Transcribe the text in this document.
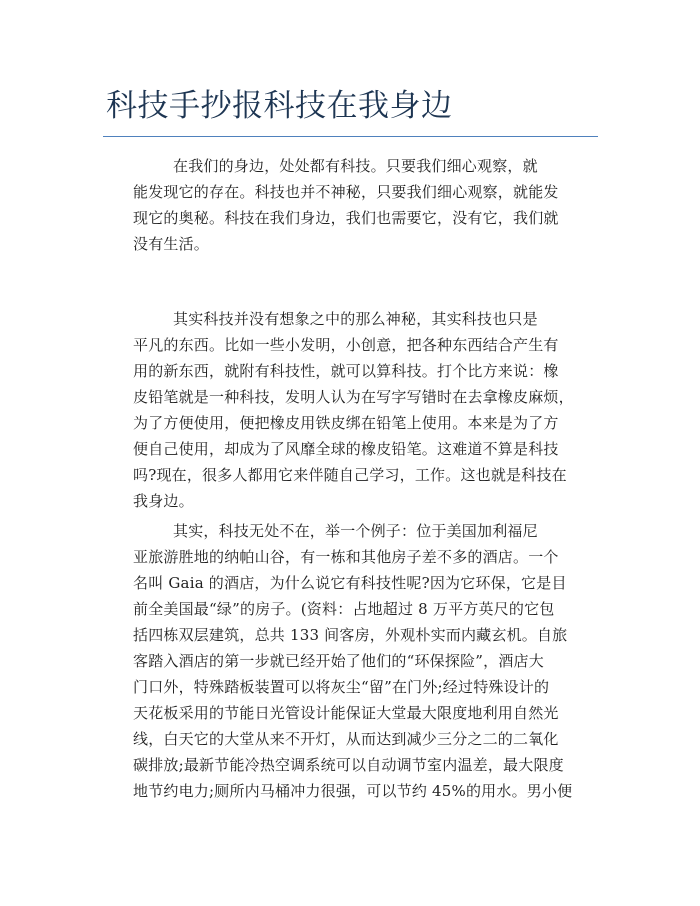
科技手抄报科技在我身边
在我们的身边，处处都有科技。只要我们细心观察，就
能发现它的存在。科技也并不神秘，只要我们细心观察，就能发
现它的奥秘。科技在我们身边，我们也需要它，没有它，我们就
没有生活。
其实科技并没有想象之中的那么神秘，其实科技也只是
平凡的东西。比如一些小发明，小创意，把各种东西结合产生有
用的新东西，就附有科技性，就可以算科技。打个比方来说：橡
皮铅笔就是一种科技，发明人认为在写字写错时在去拿橡皮麻烦，
为了方便使用，便把橡皮用铁皮绑在铅笔上使用。本来是为了方
便自己使用，却成为了风靡全球的橡皮铅笔。这难道不算是科技
吗?现在，很多人都用它来伴随自己学习，工作。这也就是科技在
我身边。
其实，科技无处不在，举一个例子：位于美国加利福尼
亚旅游胜地的纳帕山谷，有一栋和其他房子差不多的酒店。一个
名叫 Gaia 的酒店，为什么说它有科技性呢?因为它环保，它是目
前全美国最“绿”的房子。(资料：占地超过 8 万平方英尺的它包
括四栋双层建筑，总共 133 间客房，外观朴实而内藏玄机。自旅
客踏入酒店的第一步就已经开始了他们的“环保探险”，酒店大
门口外，特殊踏板装置可以将灰尘“留”在门外;经过特殊设计的
天花板采用的节能日光管设计能保证大堂最大限度地利用自然光
线，白天它的大堂从来不开灯，从而达到减少三分之二的二氧化
碳排放;最新节能冷热空调系统可以自动调节室内温差，最大限度
地节约电力;厕所内马桶冲力很强，可以节约 45%的用水。男小便
